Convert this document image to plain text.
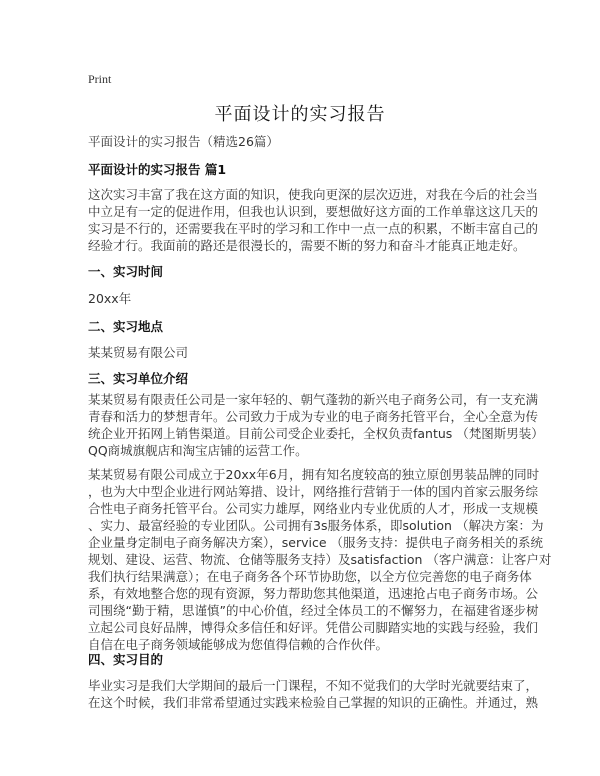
Print
平面设计的实习报告
平面设计的实习报告（精选26篇）
平面设计的实习报告 篇1
这次实习丰富了我在这方面的知识，使我向更深的层次迈进，对我在今后的社会当
中立足有一定的促进作用，但我也认识到，要想做好这方面的工作单靠这这几天的
实习是不行的，还需要我在平时的学习和工作中一点一点的积累，不断丰富自己的
经验才行。我面前的路还是很漫长的，需要不断的努力和奋斗才能真正地走好。
一、实习时间
20xx年
二、实习地点
某某贸易有限公司
三、实习单位介绍
某某贸易有限责任公司是一家年轻的、朝气蓬勃的新兴电子商务公司，有一支充满
青春和活力的梦想青年。公司致力于成为专业的电子商务托管平台，全心全意为传
统企业开拓网上销售渠道。目前公司受企业委托，全权负责fantus （梵图斯男装）
QQ商城旗舰店和淘宝店铺的运营工作。
某某贸易有限公司成立于20xx年6月，拥有知名度较高的独立原创男装品牌的同时
，也为大中型企业进行网站筹措、设计，网络推行营销于一体的国内首家云服务综
合性电子商务托管平台。公司实力雄厚，网络业内专业优质的人才，形成一支规模
、实力、最富经验的专业团队。公司拥有3s服务体系，即solution （解决方案：为
企业量身定制电子商务解决方案），service （服务支持：提供电子商务相关的系统
规划、建设、运营、物流、仓储等服务支持）及satisfaction （客户满意：让客户对
我们执行结果满意）；在电子商务各个环节协助您，以全方位完善您的电子商务体
系，有效地整合您的现有资源，努力帮助您其他渠道，迅速抢占电子商务市场。公
司围绕“勤于精，思谨慎”的中心价值，经过全体员工的不懈努力，在福建省逐步树
立起公司良好品牌，博得众多信任和好评。凭借公司脚踏实地的实践与经验，我们
自信在电子商务领域能够成为您值得信赖的合作伙伴。
四、实习目的
毕业实习是我们大学期间的最后一门课程，不知不觉我们的大学时光就要结束了，
在这个时候，我们非常希望通过实践来检验自己掌握的知识的正确性。并通过，熟
